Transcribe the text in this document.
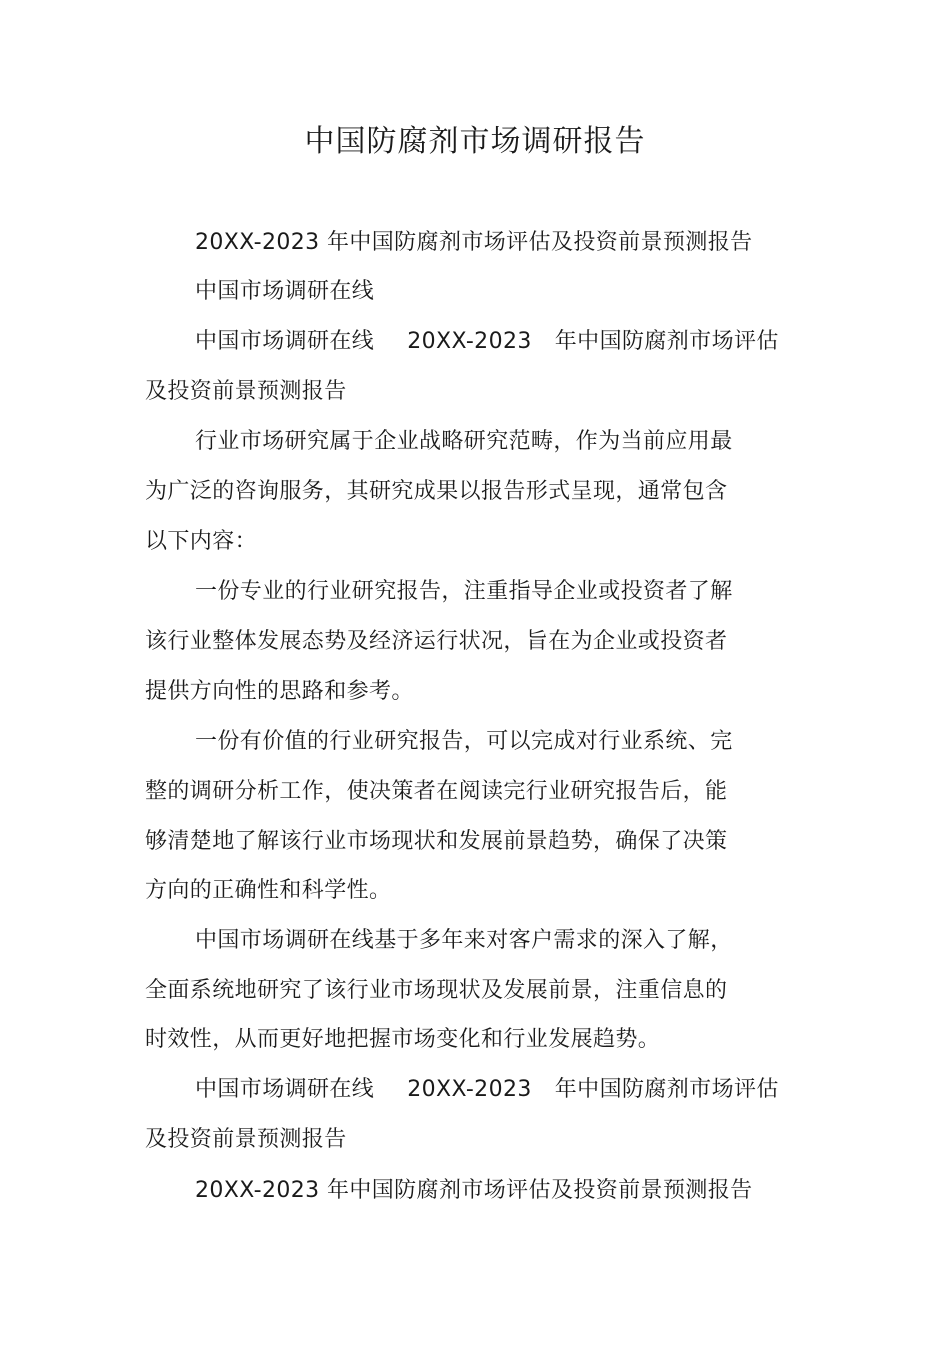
中国防腐剂市场调研报告
20XX-2023 年中国防腐剂市场评估及投资前景预测报告
中国市场调研在线
中国市场调研在线 20XX-2023 年中国防腐剂市场评估
及投资前景预测报告
行业市场研究属于企业战略研究范畴，作为当前应用最
为广泛的咨询服务，其研究成果以报告形式呈现，通常包含
以下内容：
一份专业的行业研究报告，注重指导企业或投资者了解
该行业整体发展态势及经济运行状况，旨在为企业或投资者
提供方向性的思路和参考。
一份有价值的行业研究报告，可以完成对行业系统、完
整的调研分析工作，使决策者在阅读完行业研究报告后，能
够清楚地了解该行业市场现状和发展前景趋势，确保了决策
方向的正确性和科学性。
中国市场调研在线基于多年来对客户需求的深入了解，
全面系统地研究了该行业市场现状及发展前景，注重信息的
时效性，从而更好地把握市场变化和行业发展趋势。
中国市场调研在线 20XX-2023 年中国防腐剂市场评估
及投资前景预测报告
20XX-2023 年中国防腐剂市场评估及投资前景预测报告
